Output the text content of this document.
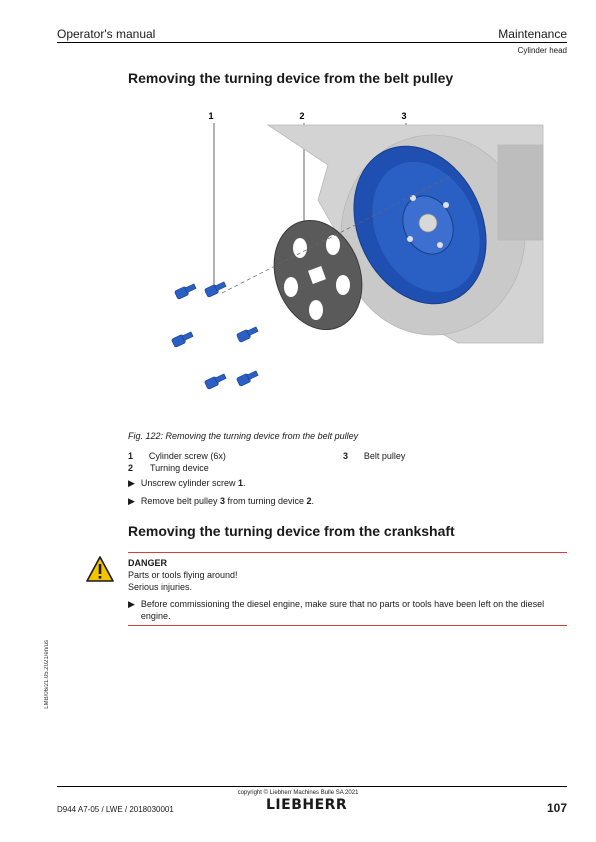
Operator's manual	Maintenance
Cylinder head
Removing the turning device from the belt pulley
1	2	3
Fig. 122: Removing the turning device from the belt pulley
1	Cylinder screw (6x)	3	Belt pulley
2	Turning device
▶ Unscrew cylinder screw 1.
▶ Remove belt pulley 3 from turning device 2.
Removing the turning device from the crankshaft
DANGER
Parts or tools flying around!
Serious injuries.
▶ Before commissioning the diesel engine, make sure that no parts or tools have been left on the diesel engine.
LMB/06/21.05.2021/en/us
copyright © Liebherr Machines Bulle SA 2021
D944 A7-05 / LWE / 2018030001	LIEBHERR	107
